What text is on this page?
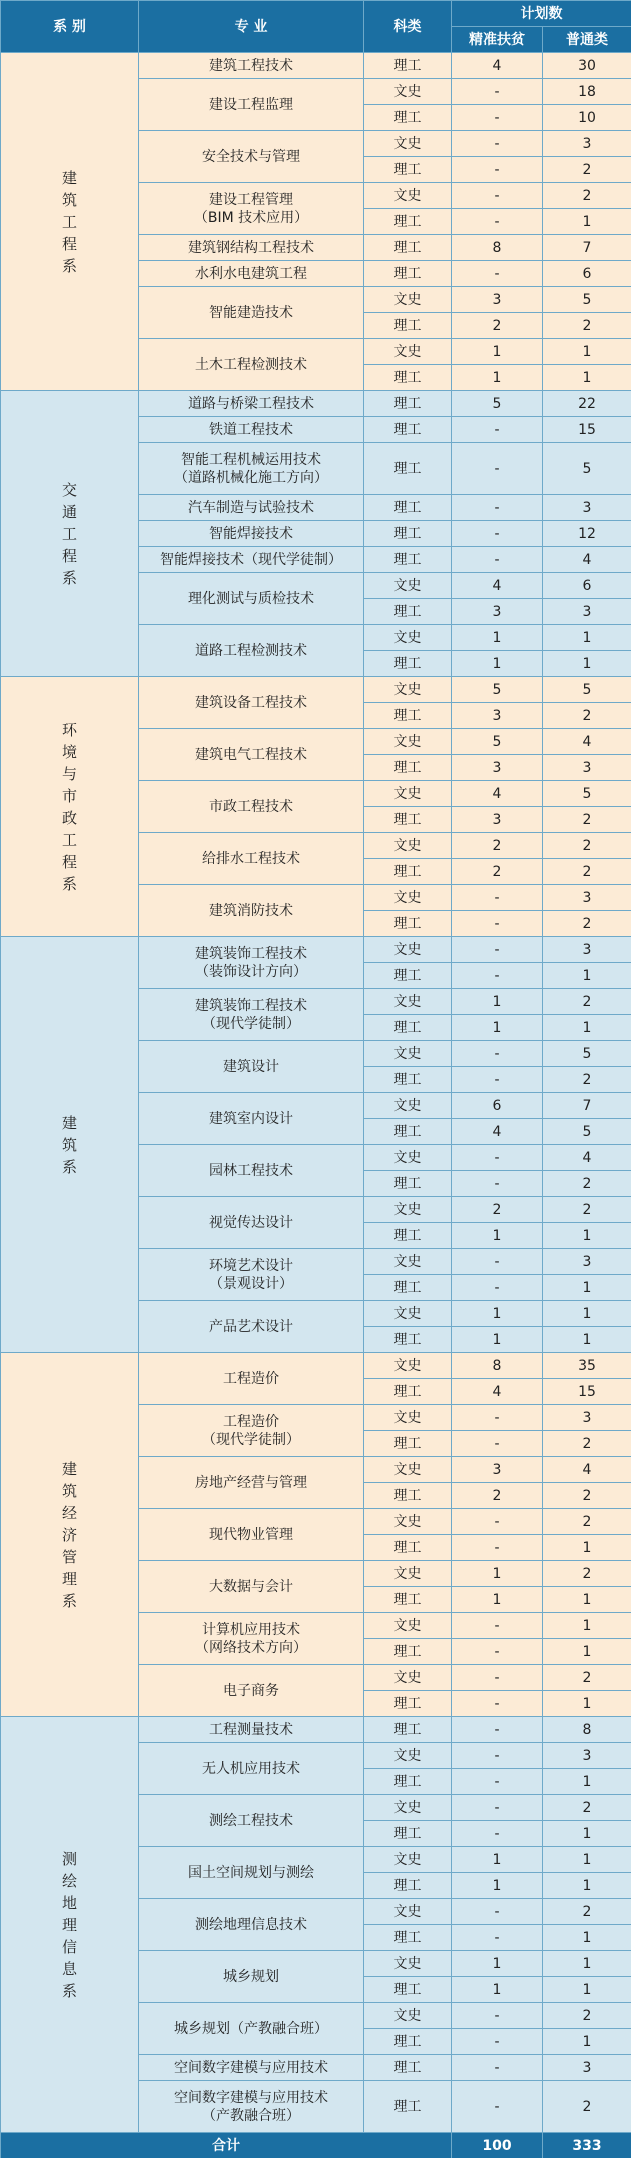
系 别	专 业	科类	计划数	
			精准扶贫	普通类
建筑工程系	建筑工程技术	理工	4	30
	建设工程监理	文史	-	18
		理工	-	10
	安全技术与管理	文史	-	3
		理工	-	2
	建设工程管理
（BIM 技术应用）	文史	-	2
		理工	-	1
	建筑钢结构工程技术	理工	8	7
	水利水电建筑工程	理工	-	6
	智能建造技术	文史	3	5
		理工	2	2
	土木工程检测技术	文史	1	1
		理工	1	1
交通工程系	道路与桥梁工程技术	理工	5	22
	铁道工程技术	理工	-	15
	智能工程机械运用技术
（道路机械化施工方向）	理工	-	5
	汽车制造与试验技术	理工	-	3
	智能焊接技术	理工	-	12
	智能焊接技术（现代学徒制）	理工	-	4
	理化测试与质检技术	文史	4	6
		理工	3	3
	道路工程检测技术	文史	1	1
		理工	1	1
环境与市政工程系	建筑设备工程技术	文史	5	5
		理工	3	2
	建筑电气工程技术	文史	5	4
		理工	3	3
	市政工程技术	文史	4	5
		理工	3	2
	给排水工程技术	文史	2	2
		理工	2	2
	建筑消防技术	文史	-	3
		理工	-	2
建筑系	建筑装饰工程技术
（装饰设计方向）	文史	-	3
		理工	-	1
	建筑装饰工程技术
（现代学徒制）	文史	1	2
		理工	1	1
	建筑设计	文史	-	5
		理工	-	2
	建筑室内设计	文史	6	7
		理工	4	5
	园林工程技术	文史	-	4
		理工	-	2
	视觉传达设计	文史	2	2
		理工	1	1
	环境艺术设计
（景观设计）	文史	-	3
		理工	-	1
	产品艺术设计	文史	1	1
		理工	1	1
建筑经济管理系	工程造价	文史	8	35
		理工	4	15
	工程造价
（现代学徒制）	文史	-	3
		理工	-	2
	房地产经营与管理	文史	3	4
		理工	2	2
	现代物业管理	文史	-	2
		理工	-	1
	大数据与会计	文史	1	2
		理工	1	1
	计算机应用技术
（网络技术方向）	文史	-	1
		理工	-	1
	电子商务	文史	-	2
		理工	-	1
测绘地理信息系	工程测量技术	理工	-	8
	无人机应用技术	文史	-	3
		理工	-	1
	测绘工程技术	文史	-	2
		理工	-	1
	国土空间规划与测绘	文史	1	1
		理工	1	1
	测绘地理信息技术	文史	-	2
		理工	-	1
	城乡规划	文史	1	1
		理工	1	1
	城乡规划（产教融合班）	文史	-	2
		理工	-	1
	空间数字建模与应用技术	理工	-	3
	空间数字建模与应用技术
（产教融合班）	理工	-	2
合计			100	333
